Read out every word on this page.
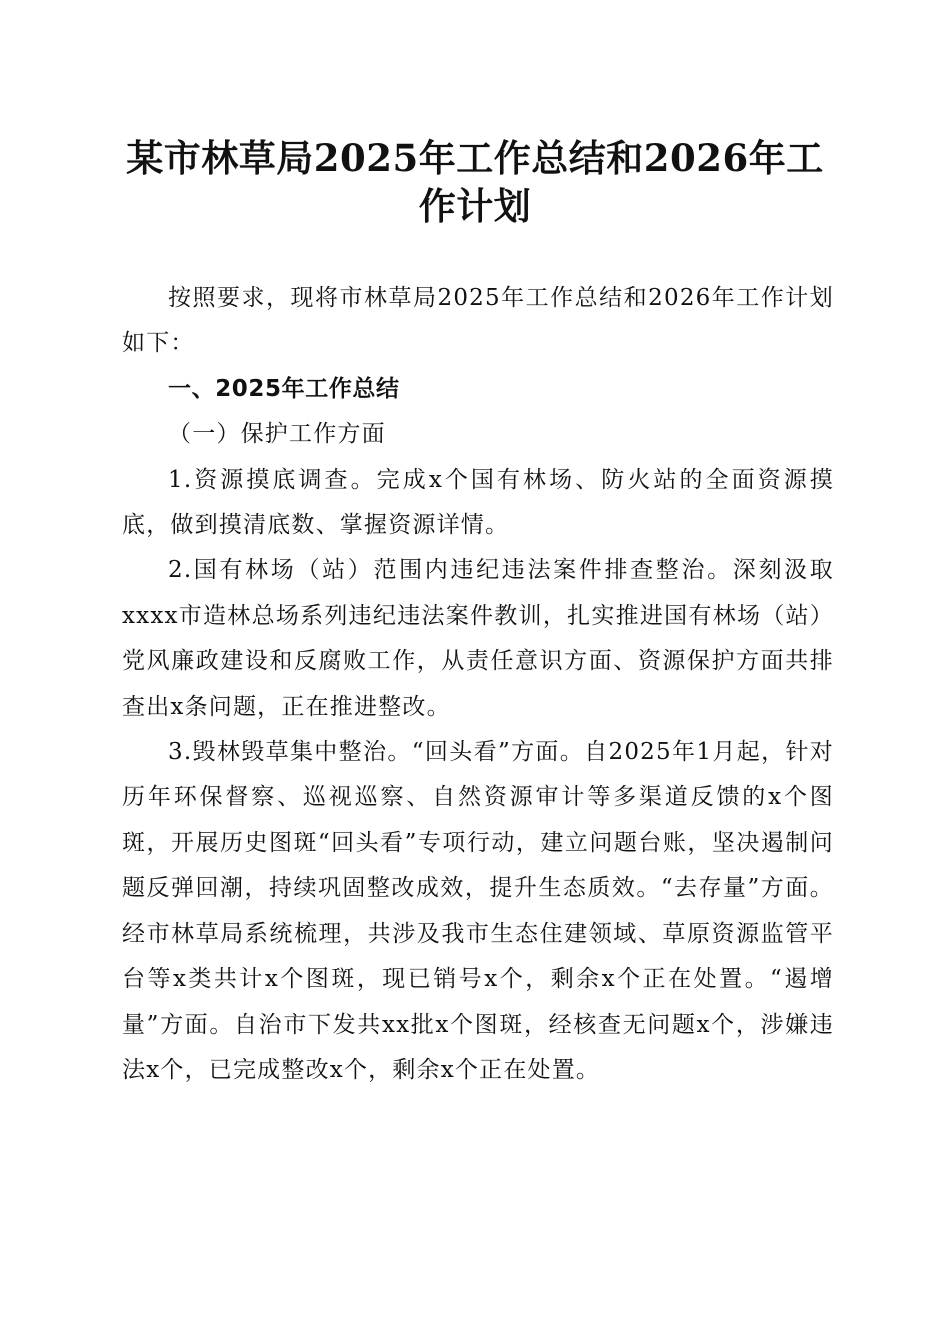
某市林草局2025年工作总结和2026年工作计划

按照要求，现将市林草局2025年工作总结和2026年工作计划如下：

一、2025年工作总结

（一）保护工作方面

1.资源摸底调查。完成x个国有林场、防火站的全面资源摸底，做到摸清底数、掌握资源详情。

2.国有林场（站）范围内违纪违法案件排查整治。深刻汲取xxxx市造林总场系列违纪违法案件教训，扎实推进国有林场（站）党风廉政建设和反腐败工作，从责任意识方面、资源保护方面共排查出x条问题，正在推进整改。

3.毁林毁草集中整治。“回头看”方面。自2025年1月起，针对历年环保督察、巡视巡察、自然资源审计等多渠道反馈的x个图斑，开展历史图斑“回头看”专项行动，建立问题台账，坚决遏制问题反弹回潮，持续巩固整改成效，提升生态质效。“去存量”方面。经市林草局系统梳理，共涉及我市生态住建领域、草原资源监管平台等x类共计x个图斑，现已销号x个，剩余x个正在处置。“遏增量”方面。自治市下发共xx批x个图斑，经核查无问题x个，涉嫌违法x个，已完成整改x个，剩余x个正在处置。
